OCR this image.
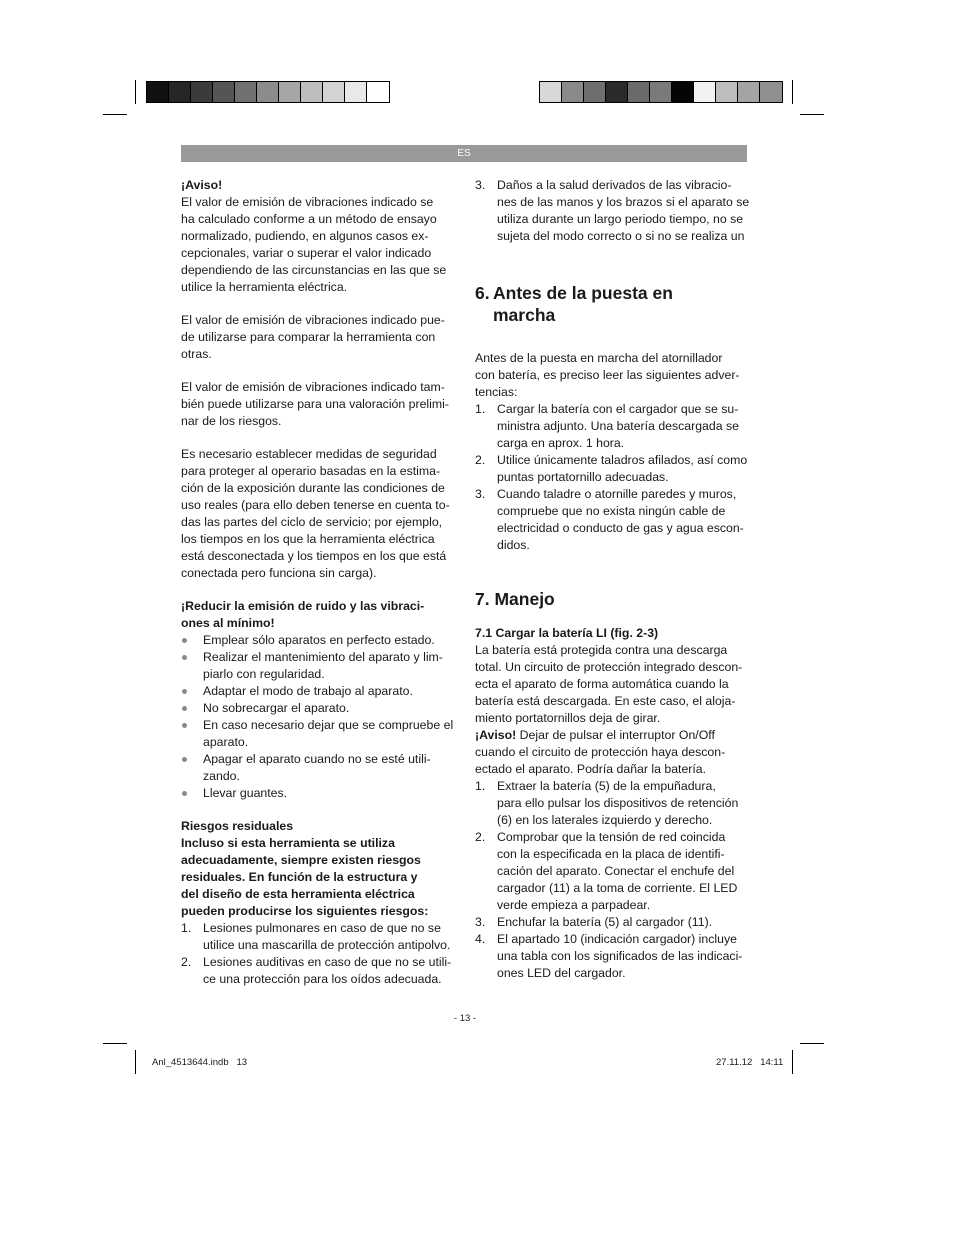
ES

¡Aviso!

El valor de emisión de vibraciones indicado se
ha calculado conforme a un método de ensayo
normalizado, pudiendo, en algunos casos ex-
cepcionales, variar o superar el valor indicado
dependiendo de las circunstancias en las que se
utilice la herramienta eléctrica.
El valor de emisión de vibraciones indicado pue-
de utilizarse para comparar la herramienta con
otras.
El valor de emisión de vibraciones indicado tam-
bién puede utilizarse para una valoración prelimi-
nar de los riesgos.
Es necesario establecer medidas de seguridad
para proteger al operario basadas en la estima-
ción de la exposición durante las condiciones de
uso reales (para ello deben tenerse en cuenta to-
das las partes del ciclo de servicio; por ejemplo,
los tiempos en los que la herramienta eléctrica
está desconectada y los tiempos en los que está
conectada pero funciona sin carga).
¡Reducir la emisión de ruido y las vibraci-
ones al mínimo!
Emplear sólo aparatos en perfecto estado.
Realizar el mantenimiento del aparato y lim-
piarlo con regularidad.
Adaptar el modo de trabajo al aparato.
No sobrecargar el aparato.
En caso necesario dejar que se compruebe el
aparato.
Apagar el aparato cuando no se esté utili-
zando.
Llevar guantes.

Riesgos residuales

Incluso si esta herramienta se utiliza
adecuadamente, siempre existen riesgos
residuales. En función de la estructura y
del diseño de esta herramienta eléctrica
pueden producirse los siguientes riesgos:
1. Lesiones pulmonares en caso de que no se
utilice una mascarilla de protección antipolvo.
2. Lesiones auditivas en caso de que no se utili-
ce una protección para los oídos adecuada.
3. Daños a la salud derivados de las vibracio-
nes de las manos y los brazos si el aparato se
utiliza durante un largo periodo tiempo, no se
sujeta del modo correcto o si no se realiza un
6. Antes de la puesta en
marcha
Antes de la puesta en marcha del atornillador
con batería, es preciso leer las siguientes adver-
tencias:
1. Cargar la batería con el cargador que se su-
ministra adjunto. Una batería descargada se
carga en aprox. 1 hora.
2. Utilice únicamente taladros afilados, así como
puntas portatornillo adecuadas.
3. Cuando taladre o atornille paredes y muros,
compruebe que no exista ningún cable de
electricidad o conducto de gas y agua escon-
didos.
7. Manejo

7.1 Cargar la batería LI (fig. 2-3)

La batería está protegida contra una descarga
total. Un circuito de protección integrado descon-
ecta el aparato de forma automática cuando la
batería está descargada. En este caso, el aloja-
miento portatornillos deja de girar.

¡Aviso! Dejar de pulsar el interruptor On/Off

cuando el circuito de protección haya descon-
ectado el aparato. Podría dañar la batería.
1. Extraer la batería (5) de la empuñadura,
para ello pulsar los dispositivos de retención
(6) en los laterales izquierdo y derecho.
2. Comprobar que la tensión de red coincida
con la especificada en la placa de identifi-
cación del aparato. Conectar el enchufe del
cargador (11) a la toma de corriente. El LED
verde empieza a parpadear.
3. Enchufar la batería (5) al cargador (11).
4. El apartado 10 (indicación cargador) incluye
una tabla con los significados de las indicaci-
ones LED del cargador.
- 13 -
Anl_4513644.indb   13	27.11.12   14:11
